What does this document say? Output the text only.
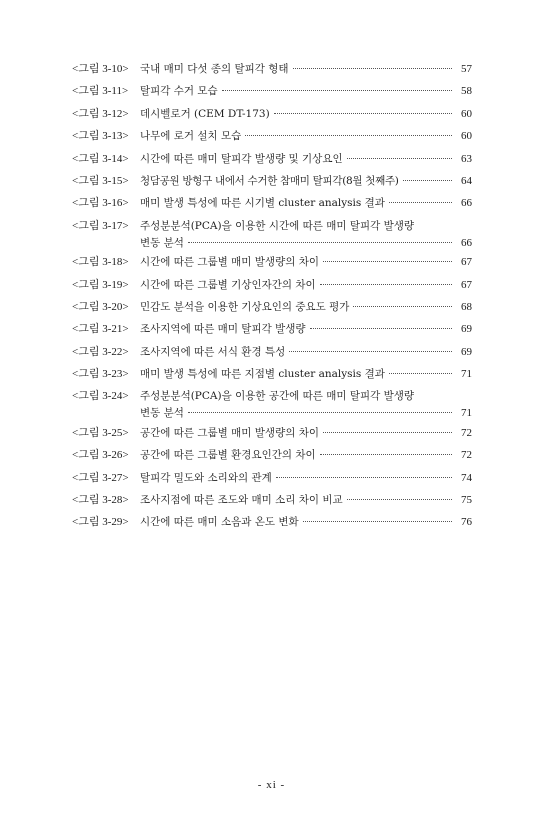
<그림 3-10>	국내 매미 다섯 종의 탈피각 형태	57
<그림 3-11>	탈피각 수거 모습	58
<그림 3-12>	데시벨로거 (CEM DT-173)	60
<그림 3-13>	나무에 로거 설치 모습	60
<그림 3-14>	시간에 따른 매미 탈피각 발생량 및 기상요인	63
<그림 3-15>	청담공원 방형구 내에서 수거한 참매미 탈피각(8월 첫째주)	64
<그림 3-16>	매미 발생 특성에 따른 시기별 cluster analysis 결과	66
<그림 3-17>	주성분분석(PCA)을 이용한 시간에 따른 매미 탈피각 발생량
변동 분석	66
<그림 3-18>	시간에 따른 그룹별 매미 발생량의 차이	67
<그림 3-19>	시간에 따른 그룹별 기상인자간의 차이	67
<그림 3-20>	민감도 분석을 이용한 기상요인의 중요도 평가	68
<그림 3-21>	조사지역에 따른 매미 탈피각 발생량	69
<그림 3-22>	조사지역에 따른 서식 환경 특성	69
<그림 3-23>	매미 발생 특성에 따른 지점별 cluster analysis 결과	71
<그림 3-24>	주성분분석(PCA)을 이용한 공간에 따른 매미 탈피각 발생량
변동 분석	71
<그림 3-25>	공간에 따른 그룹별 매미 발생량의 차이	72
<그림 3-26>	공간에 따른 그룹별 환경요인간의 차이	72
<그림 3-27>	탈피각 밀도와 소리와의 관계	74
<그림 3-28>	조사지점에 따른 조도와 매미 소리 차이 비교	75
<그림 3-29>	시간에 따른 매미 소음과 온도 변화	76
- xi -
